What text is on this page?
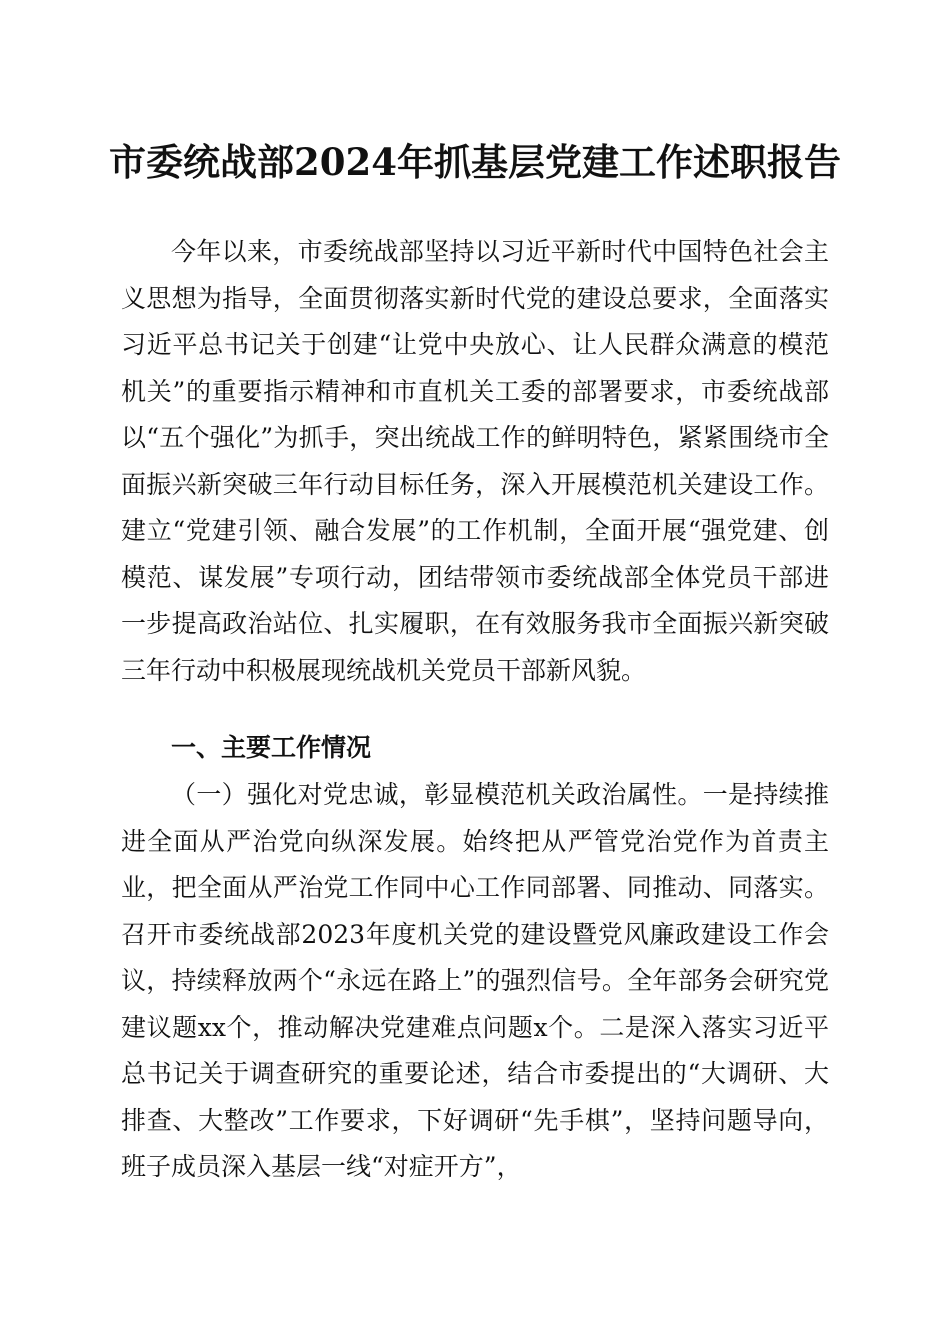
市委统战部2024年抓基层党建工作述职报告

今年以来，市委统战部坚持以习近平新时代中国特色社会主义思想为指导，全面贯彻落实新时代党的建设总要求，全面落实习近平总书记关于创建“让党中央放心、让人民群众满意的模范机关”的重要指示精神和市直机关工委的部署要求，市委统战部以“五个强化”为抓手，突出统战工作的鲜明特色，紧紧围绕市全面振兴新突破三年行动目标任务，深入开展模范机关建设工作。建立“党建引领、融合发展”的工作机制，全面开展“强党建、创模范、谋发展”专项行动，团结带领市委统战部全体党员干部进一步提高政治站位、扎实履职，在有效服务我市全面振兴新突破三年行动中积极展现统战机关党员干部新风貌。

一、主要工作情况

（一）强化对党忠诚，彰显模范机关政治属性。一是持续推进全面从严治党向纵深发展。始终把从严管党治党作为首责主业，把全面从严治党工作同中心工作同部署、同推动、同落实。召开市委统战部2023年度机关党的建设暨党风廉政建设工作会议，持续释放两个“永远在路上”的强烈信号。全年部务会研究党建议题xx个，推动解决党建难点问题x个。二是深入落实习近平总书记关于调查研究的重要论述，结合市委提出的“大调研、大排查、大整改”工作要求，下好调研“先手棋”，坚持问题导向，班子成员深入基层一线“对症开方”，
